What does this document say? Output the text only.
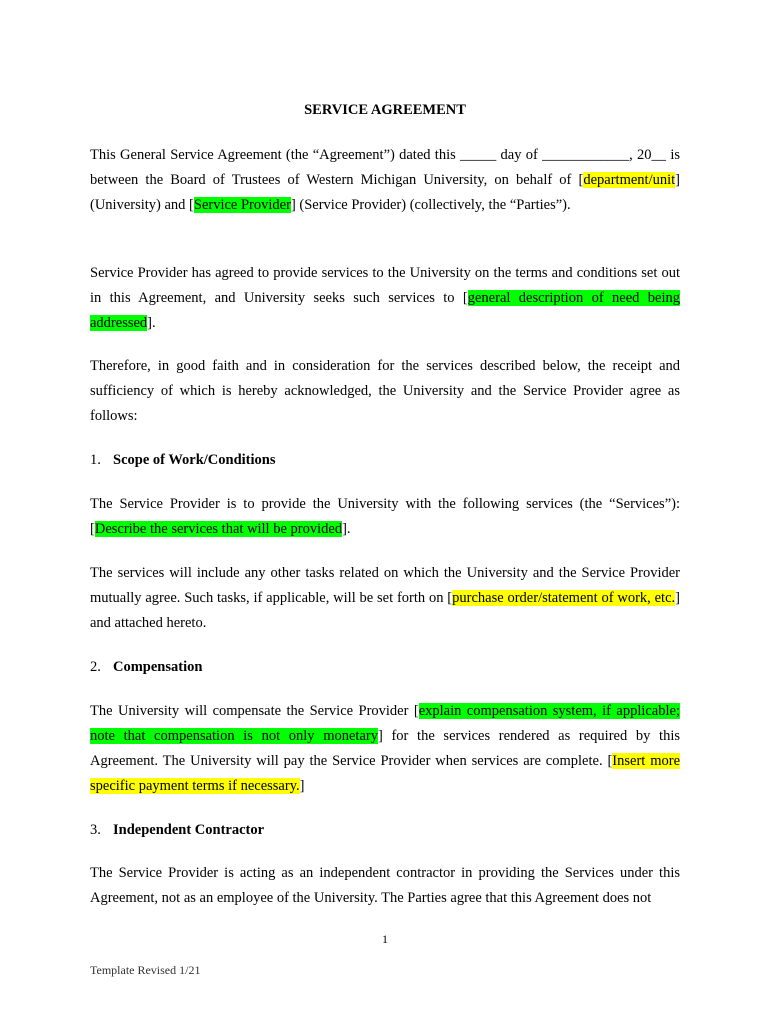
SERVICE AGREEMENT
This General Service Agreement (the “Agreement”) dated this _____ day of ____________, 20__ is between the Board of Trustees of Western Michigan University, on behalf of [department/unit] (University) and [Service Provider] (Service Provider) (collectively, the “Parties”).
Service Provider has agreed to provide services to the University on the terms and conditions set out in this Agreement, and University seeks such services to [general description of need being addressed].
Therefore, in good faith and in consideration for the services described below, the receipt and sufficiency of which is hereby acknowledged, the University and the Service Provider agree as follows:
1. Scope of Work/Conditions
The Service Provider is to provide the University with the following services (the “Services”): [Describe the services that will be provided].
The services will include any other tasks related on which the University and the Service Provider mutually agree. Such tasks, if applicable, will be set forth on [purchase order/statement of work, etc.] and attached hereto.
2. Compensation
The University will compensate the Service Provider [explain compensation system, if applicable; note that compensation is not only monetary] for the services rendered as required by this Agreement. The University will pay the Service Provider when services are complete. [Insert more specific payment terms if necessary.]
3. Independent Contractor
The Service Provider is acting as an independent contractor in providing the Services under this Agreement, not as an employee of the University. The Parties agree that this Agreement does not
1
Template Revised 1/21
